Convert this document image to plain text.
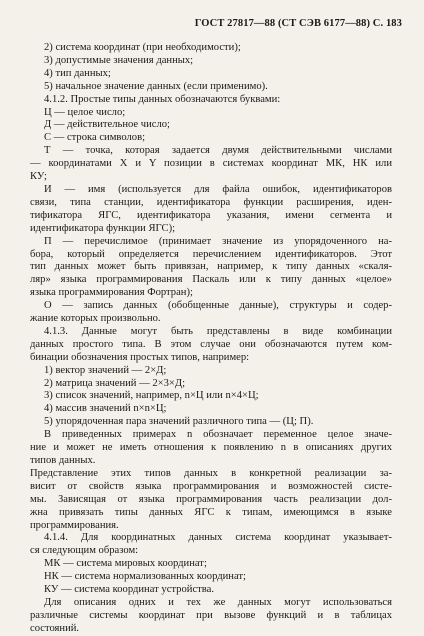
ГОСТ 27817—88 (СТ СЭВ 6177—88) С. 183
2) система координат (при необходимости);
3) допустимые значения данных;
4) тип данных;
5) начальное значение данных (если применимо).
4.1.2. Простые типы данных обозначаются буквами:
Ц — целое число;
Д — действительное число;
С — строка символов;
Т — точка, которая задается двумя действительными числами
— координатами X и Y позиции в системах координат МК, НК или
КУ;
И — имя (используется для файла ошибок, идентификаторов
связи, типа станции, идентификатора функции расширения, иден-
тификатора ЯГС, идентификатора указания, имени сегмента и
идентификатора функции ЯГС);
П — перечислимое (принимает значение из упорядоченного на-
бора, который определяется перечислением идентификаторов. Этот
тип данных может быть привязан, например, к типу данных «скаля-
ляр» языка программирования Паскаль или к типу данных «целое»
языка программирования Фортран);
О — запись данных (обобщенные данные), структуры и содер-
жание которых произвольно.
4.1.3. Данные могут быть представлены в виде комбинации
данных простого типа. В этом случае они обозначаются путем ком-
бинации обозначения простых типов, например:
1) вектор значений — 2×Д;
2) матрица значений — 2×3×Д;
3) список значений, например, n×Ц или n×4×Ц;
4) массив значений n×n×Ц;
5) упорядоченная пара значений различного типа — (Ц; П).
В приведенных примерах n обозначает переменное целое значе-
ние и может не иметь отношения к появлению n в описаниях других
типов данных.
Представление этих типов данных в конкретной реализации за-
висит от свойств языка программирования и возможностей систе-
мы. Зависящая от языка программирования часть реализации дол-
жна привязать типы данных ЯГС к типам, имеющимся в языке
программирования.
4.1.4. Для координатных данных система координат указывает-
ся следующим образом:
МК — система мировых координат;
НК — система нормализованных координат;
КУ — система координат устройства.
Для описания одних и тех же данных могут использоваться
различные системы координат при вызове функций и в таблицах
состояний.
